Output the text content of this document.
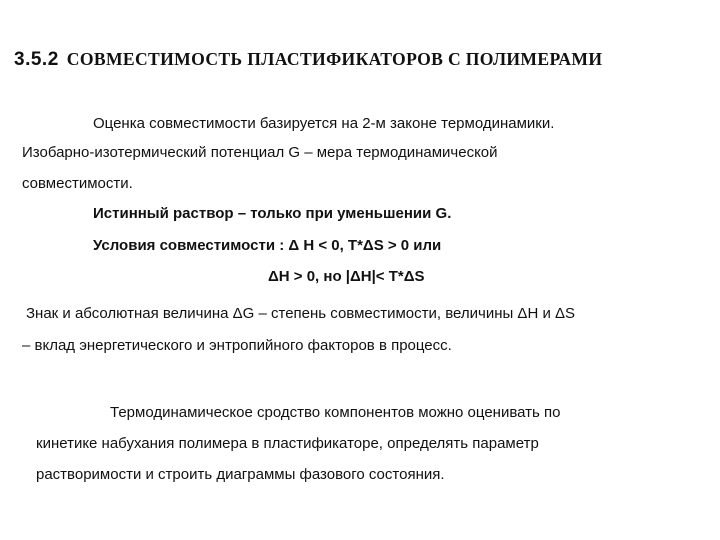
3.5.2 СОВМЕСТИМОСТЬ ПЛАСТИФИКАТОРОВ С ПОЛИМЕРАМИ
Оценка совместимости базируется на 2-м законе термодинамики.
Изобарно-изотермический потенциал G – мера термодинамической
совместимости.
Истинный раствор – только при уменьшении G.
Условия совместимости : Δ H < 0, T*ΔS > 0 или
ΔH > 0, но |ΔH|< T*ΔS
Знак и абсолютная величина ΔG – степень совместимости, величины ΔH и ΔS
– вклад энергетического и энтропийного факторов в процесс.
Термодинамическое сродство компонентов можно оценивать по
кинетике набухания полимера в пластификаторе, определять параметр
растворимости и строить диаграммы фазового состояния.
